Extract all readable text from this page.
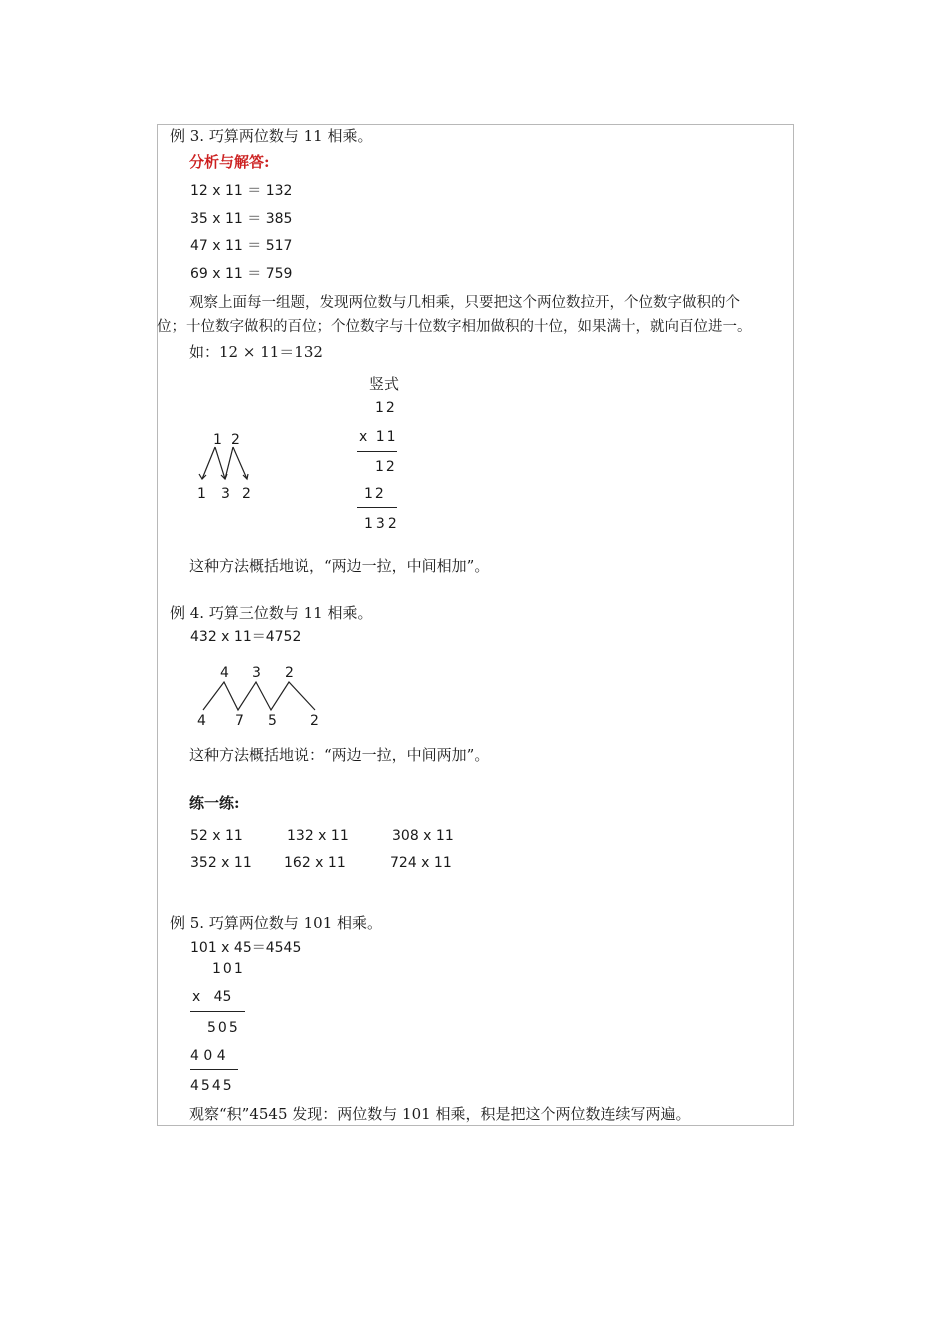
例 3. 巧算两位数与 11 相乘。
分析与解答:
12 x 11 ＝ 132
35 x 11 ＝ 385
47 x 11 ＝ 517
69 x 11 ＝ 759
观察上面每一组题，发现两位数与几相乘，只要把这个两位数拉开，个位数字做积的个
位；十位数字做积的百位；个位数字与十位数字相加做积的十位，如果满十，就向百位进一。
如：12 × 11＝132
竖式
12
x 11
12
12
132
1 2
1 3 2
这种方法概括地说，“两边一拉，中间相加”。
例 4. 巧算三位数与 11 相乘。
432 x 11＝4752
4 3 2
4 7 5 2
这种方法概括地说：“两边一拉，中间两加”。
练一练:
52 x 11	132 x 11	308 x 11
352 x 11 162 x 11	724 x 11
例 5. 巧算两位数与 101 相乘。
101 x 45＝4545
101
x   45
505
4 0 4
4545
观察“积”4545 发现：两位数与 101 相乘，积是把这个两位数连续写两遍。
